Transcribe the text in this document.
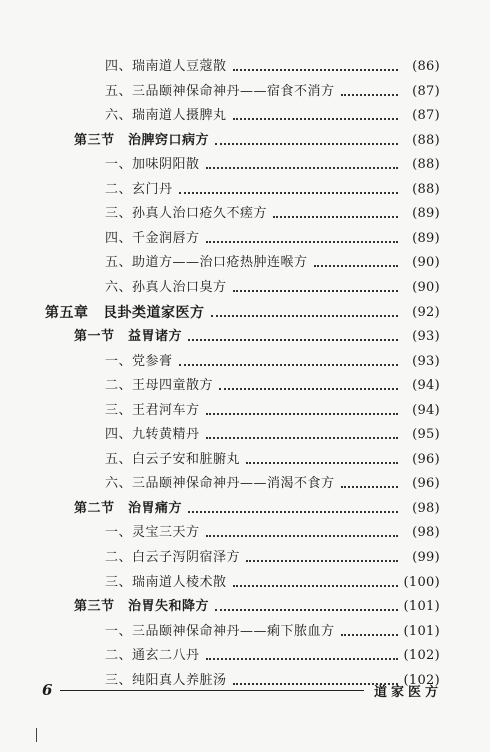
四、瑞南道人豆蔻散	(86)
五、三品颐神保命神丹——宿食不消方	(87)
六、瑞南道人摄脾丸	(87)
第三节　治脾窍口病方	(88)
一、加味阴阳散	(88)
二、玄门丹	(88)
三、孙真人治口疮久不瘥方	(89)
四、千金润唇方	(89)
五、助道方——治口疮热肿连喉方	(90)
六、孙真人治口臭方	(90)
第五章　艮卦类道家医方	(92)
第一节　益胃诸方	(93)
一、党参膏	(93)
二、王母四童散方	(94)
三、王君河车方	(94)
四、九转黄精丹	(95)
五、白云子安和脏腑丸	(96)
六、三品颐神保命神丹——消渴不食方	(96)
第二节　治胃痛方	(98)
一、灵宝三天方	(98)
二、白云子泻阴宿泽方	(99)
三、瑞南道人棱术散	(100)
第三节　治胃失和降方	(101)
一、三品颐神保命神丹——痢下脓血方	(101)
二、通玄二八丹	(102)
三、纯阳真人养脏汤	(102)
6	道家医方
